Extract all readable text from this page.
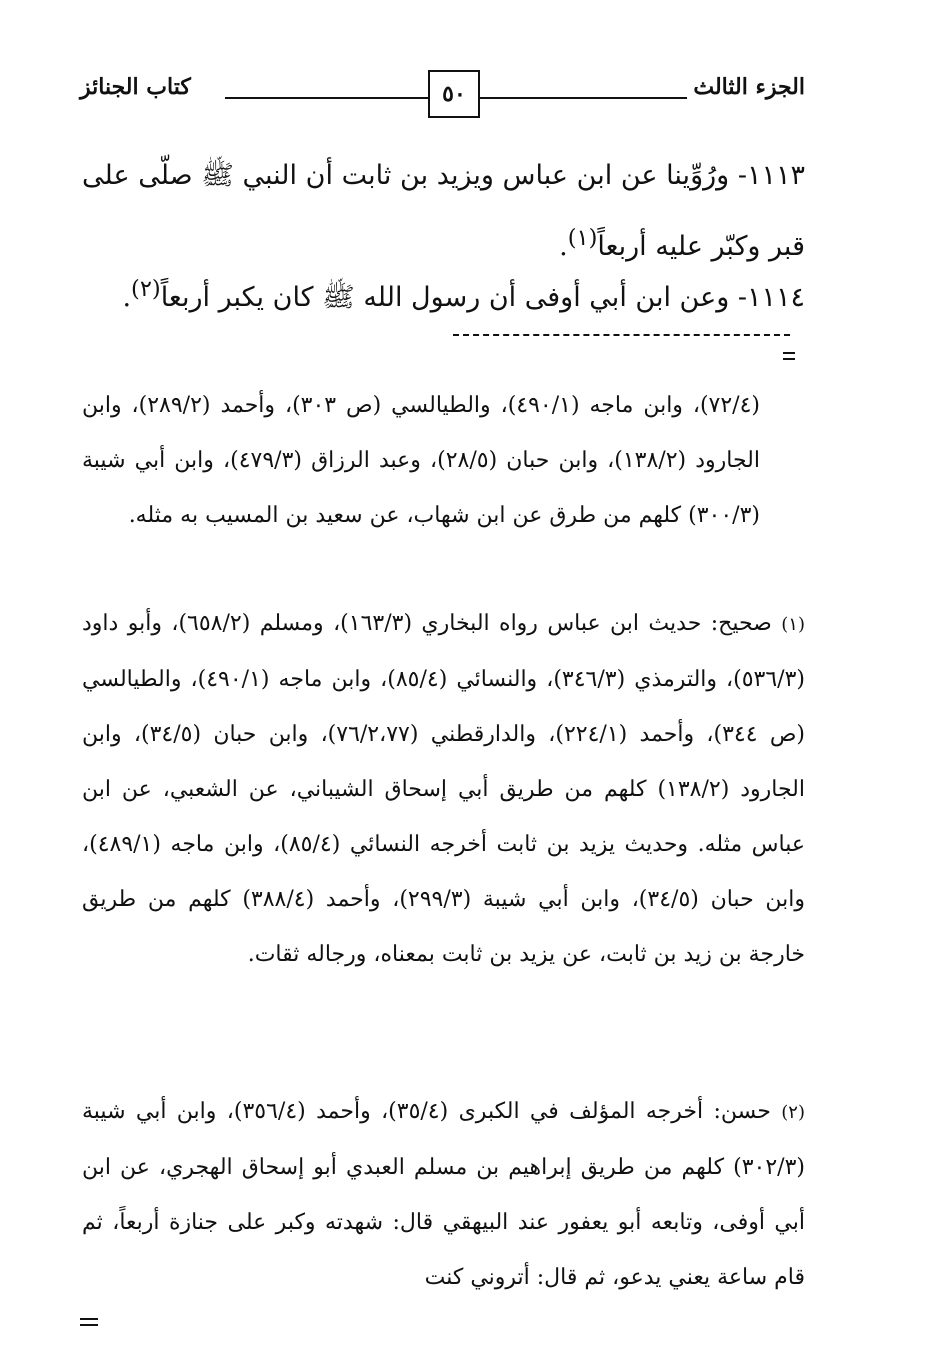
كتاب الجنائز	٥٠	الجزء الثالث
١١١٣- ورُوِّينا عن ابن عباس ويزيد بن ثابت أن النبي ﷺ صلّى على قبر وكبّر عليه أربعاً$^{(١)}$.
١١١٤- وعن ابن أبي أوفى أن رسول الله ﷺ كان يكبر أربعاً$^{(٢)}$.
(٧٢/٤)، وابن ماجه (٤٩٠/١)، والطيالسي (ص ٣٠٣)، وأحمد (٢٨٩/٢)، وابن الجارود (١٣٨/٢)، وابن حبان (٢٨/٥)، وعبد الرزاق (٤٧٩/٣)، وابن أبي شيبة (٣٠٠/٣) كلهم من طرق عن ابن شهاب، عن سعيد بن المسيب به مثله.
(١) صحيح: حديث ابن عباس رواه البخاري (١٦٣/٣)، ومسلم (٦٥٨/٢)، وأبو داود (٥٣٦/٣)، والترمذي (٣٤٦/٣)، والنسائي (٨٥/٤)، وابن ماجه (٤٩٠/١)، والطيالسي (ص ٣٤٤)، وأحمد (٢٢٤/١)، والدارقطني (٧٦/٢،٧٧)، وابن حبان (٣٤/٥)، وابن الجارود (١٣٨/٢) كلهم من طريق أبي إسحاق الشيباني، عن الشعبي، عن ابن عباس مثله. وحديث يزيد بن ثابت أخرجه النسائي (٨٥/٤)، وابن ماجه (٤٨٩/١)، وابن حبان (٣٤/٥)، وابن أبي شيبة (٢٩٩/٣)، وأحمد (٣٨٨/٤) كلهم من طريق خارجة بن زيد بن ثابت، عن يزيد بن ثابت بمعناه، ورجاله ثقات.
(٢) حسن: أخرجه المؤلف في الكبرى (٣٥/٤)، وأحمد (٣٥٦/٤)، وابن أبي شيبة (٣٠٢/٣) كلهم من طريق إبراهيم بن مسلم العبدي أبو إسحاق الهجري، عن ابن أبي أوفى، وتابعه أبو يعفور عند البيهقي قال: شهدته وكبر على جنازة أربعاً، ثم قام ساعة يعني يدعو، ثم قال: أتروني كنت
